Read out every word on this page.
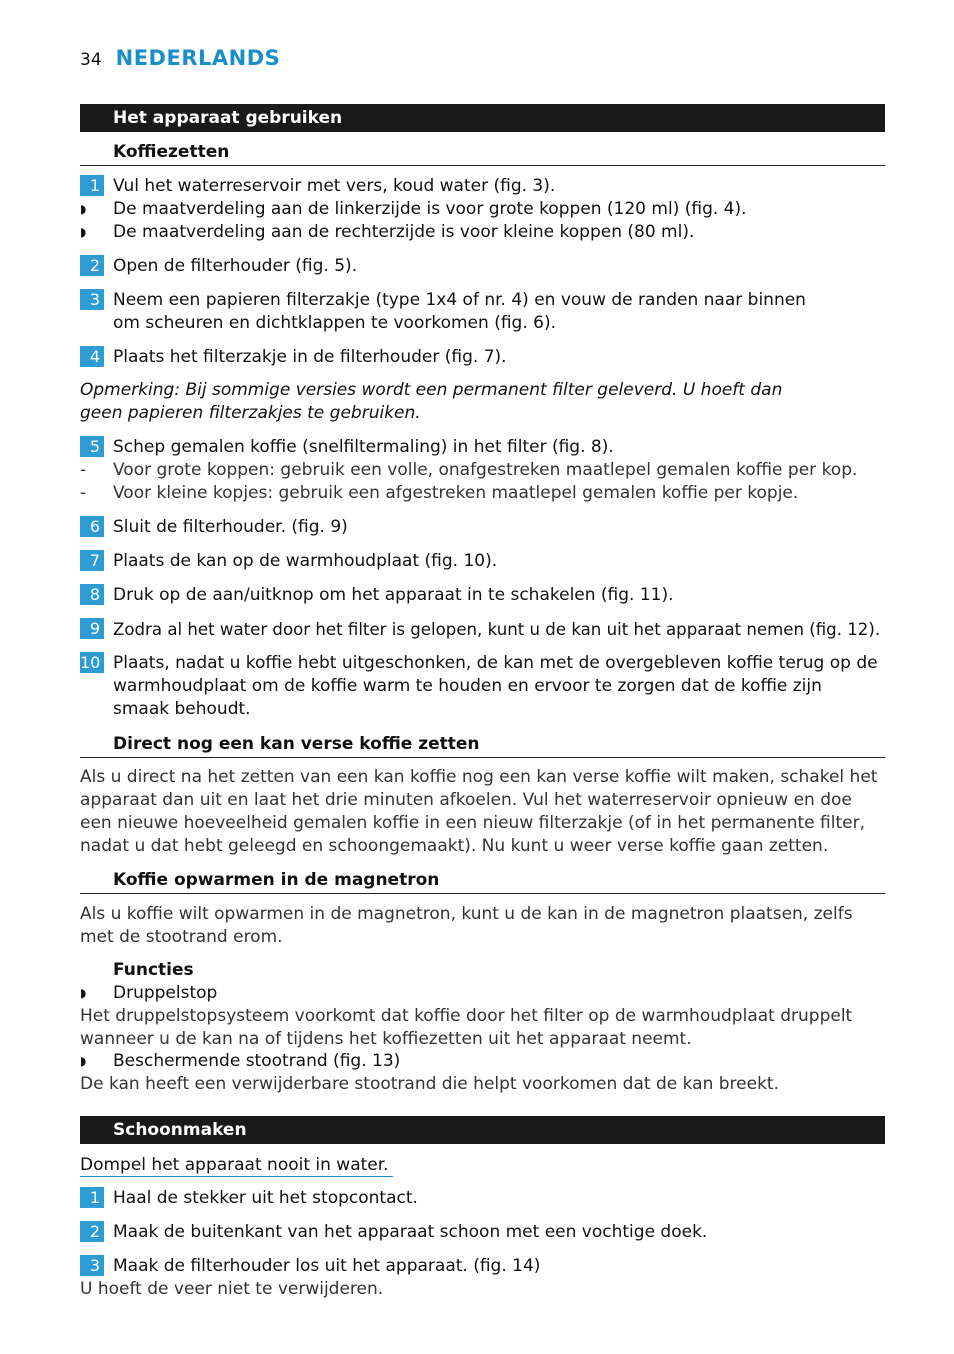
34 NEDERLANDS
Het apparaat gebruiken
Koffiezetten
1 Vul het waterreservoir met vers, koud water (fig. 3).
◗ De maatverdeling aan de linkerzijde is voor grote koppen (120 ml) (fig. 4).
◗ De maatverdeling aan de rechterzijde is voor kleine koppen (80 ml).
2 Open de filterhouder (fig. 5).
3 Neem een papieren filterzakje (type 1x4 of nr. 4) en vouw de randen naar binnen om scheuren en dichtklappen te voorkomen (fig. 6).
4 Plaats het filterzakje in de filterhouder (fig. 7).
Opmerking: Bij sommige versies wordt een permanent filter geleverd. U hoeft dan geen papieren filterzakjes te gebruiken.
5 Schep gemalen koffie (snelfiltermaling) in het filter (fig. 8).
-	Voor grote koppen: gebruik een volle, onafgestreken maatlepel gemalen koffie per kop.
-	Voor kleine kopjes: gebruik een afgestreken maatlepel gemalen koffie per kopje.
6 Sluit de filterhouder. (fig. 9)
7 Plaats de kan op de warmhoudplaat (fig. 10).
8 Druk op de aan/uitknop om het apparaat in te schakelen (fig. 11).
9 Zodra al het water door het filter is gelopen, kunt u de kan uit het apparaat nemen (fig. 12).
10 Plaats, nadat u koffie hebt uitgeschonken, de kan met de overgebleven koffie terug op de warmhoudplaat om de koffie warm te houden en ervoor te zorgen dat de koffie zijn smaak behoudt.
Direct nog een kan verse koffie zetten
Als u direct na het zetten van een kan koffie nog een kan verse koffie wilt maken, schakel het apparaat dan uit en laat het drie minuten afkoelen. Vul het waterreservoir opnieuw en doe een nieuwe hoeveelheid gemalen koffie in een nieuw filterzakje (of in het permanente filter, nadat u dat hebt geleegd en schoongemaakt). Nu kunt u weer verse koffie gaan zetten.
Koffie opwarmen in de magnetron
Als u koffie wilt opwarmen in de magnetron, kunt u de kan in de magnetron plaatsen, zelfs met de stootrand erom.
Functies
◗ Druppelstop
Het druppelstopsysteem voorkomt dat koffie door het filter op de warmhoudplaat druppelt wanneer u de kan na of tijdens het koffiezetten uit het apparaat neemt.
◗ Beschermende stootrand (fig. 13)
De kan heeft een verwijderbare stootrand die helpt voorkomen dat de kan breekt.
Schoonmaken
Dompel het apparaat nooit in water.
1 Haal de stekker uit het stopcontact.
2 Maak de buitenkant van het apparaat schoon met een vochtige doek.
3 Maak de filterhouder los uit het apparaat. (fig. 14)
U hoeft de veer niet te verwijderen.
